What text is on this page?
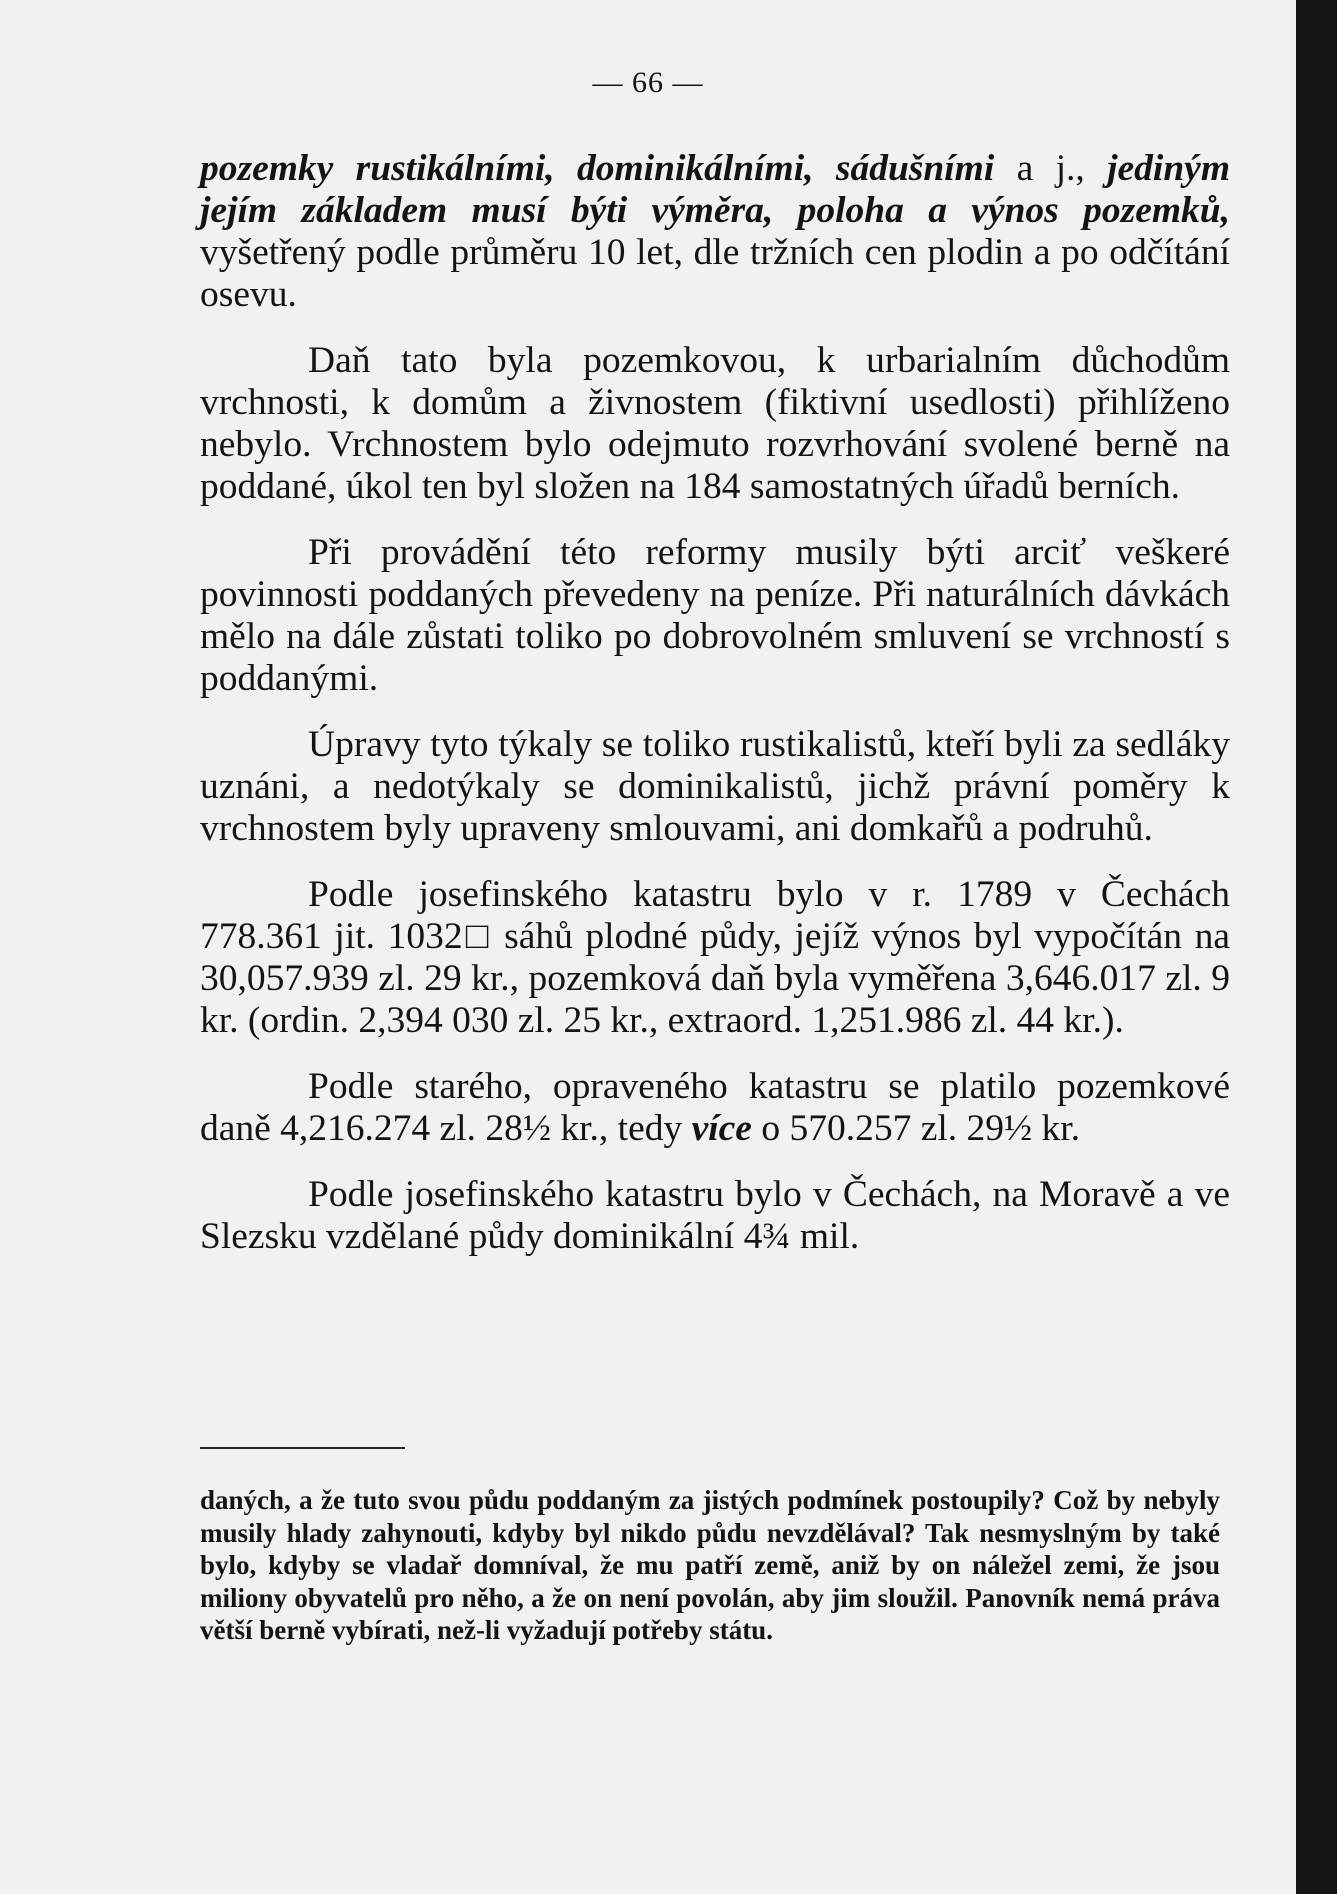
— 66 —

pozemky rustikálními, dominikálními, sádušními a j., jediným jejím základem musí býti výměra, poloha a výnos pozemků, vyšetřený podle průměru 10 let, dle tržních cen plodin a po odčítání osevu.

Daň tato byla pozemkovou, k urbarialním důchodům vrchnosti, k domům a živnostem (fiktivní usedlosti) přihlíženo nebylo. Vrchnostem bylo odejmuto rozvrhování svolené berně na poddané, úkol ten byl složen na 184 samostatných úřadů berních.

Při provádění této reformy musily býti arciť veškeré povinnosti poddaných převedeny na peníze. Při naturálních dávkách mělo na dále zůstati toliko po dobrovolném smluvení se vrchností s poddanými.

Úpravy tyto týkaly se toliko rustikalistů, kteří byli za sedláky uznáni, a nedotýkaly se dominikalistů, jichž právní poměry k vrchnostem byly upraveny smlouvami, ani domkařů a podruhů.

Podle josefinského katastru bylo v r. 1789 v Čechách 778.361 jit. 1032□ sáhů plodné půdy, jejíž výnos byl vypočítán na 30,057.939 zl. 29 kr., pozemková daň byla vyměřena 3,646.017 zl. 9 kr. (ordin. 2,394 030 zl. 25 kr., extraord. 1,251.986 zl. 44 kr.).

Podle starého, opraveného katastru se platilo pozemkové daně 4,216.274 zl. 28½ kr., tedy více o 570.257 zl. 29½ kr.

Podle josefinského katastru bylo v Čechách, na Moravě a ve Slezsku vzdělané půdy dominikální 4¾ mil.

daných, a že tuto svou půdu poddaným za jistých podmínek postoupily? Což by nebyly musily hlady zahynouti, kdyby byl nikdo půdu nevzdělával? Tak nesmyslným by také bylo, kdyby se vladař domníval, že mu patří země, aniž by on náležel zemi, že jsou miliony obyvatelů pro něho, a že on není povolán, aby jim sloužil. Panovník nemá práva větší berně vybírati, než-li vyžadují potřeby státu.
